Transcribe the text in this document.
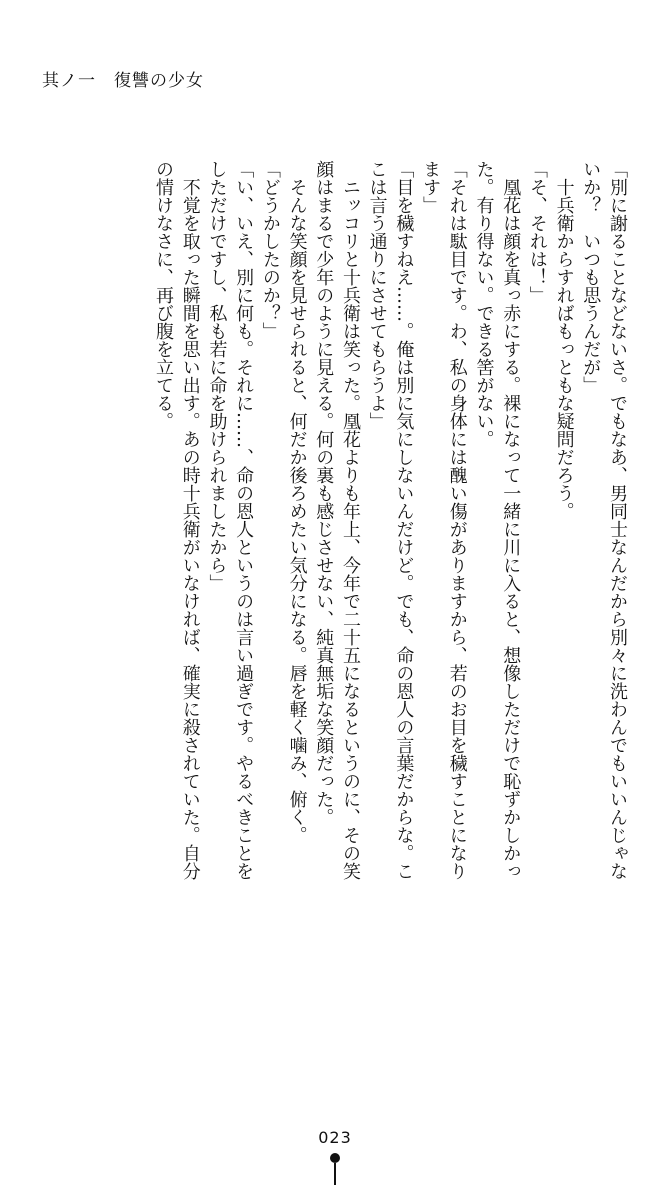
其ノ一　復讐の少女
「別に謝ることなどないさ。でもなあ、男同士なんだから別々に洗わんでもいいんじゃな
いか？　いつも思うんだが」
　十兵衛からすればもっともな疑問だろう。
「そ、それは！」
　凰花は顔を真っ赤にする。裸になって一緒に川に入ると、想像しただけで恥ずかしかっ
た。有り得ない。できる筈がない。
「それは駄目です。わ、私の身体には醜い傷がありますから、若のお目を穢すことになり
ます」
「目を穢すねえ……。俺は別に気にしないんだけど。でも、命の恩人の言葉だからな。こ
こは言う通りにさせてもらうよ」
　ニッコリと十兵衛は笑った。凰花よりも年上、今年で二十五になるというのに、その笑
顔はまるで少年のように見える。何の裏も感じさせない、純真無垢な笑顔だった。
　そんな笑顔を見せられると、何だか後ろめたい気分になる。唇を軽く噛み、俯く。
「どうかしたのか？」
「い、いえ、別に何も。それに……、命の恩人というのは言い過ぎです。やるべきことを
しただけですし、私も若に命を助けられましたから」
　不覚を取った瞬間を思い出す。あの時十兵衛がいなければ、確実に殺されていた。自分
の情けなさに、再び腹を立てる。
023
